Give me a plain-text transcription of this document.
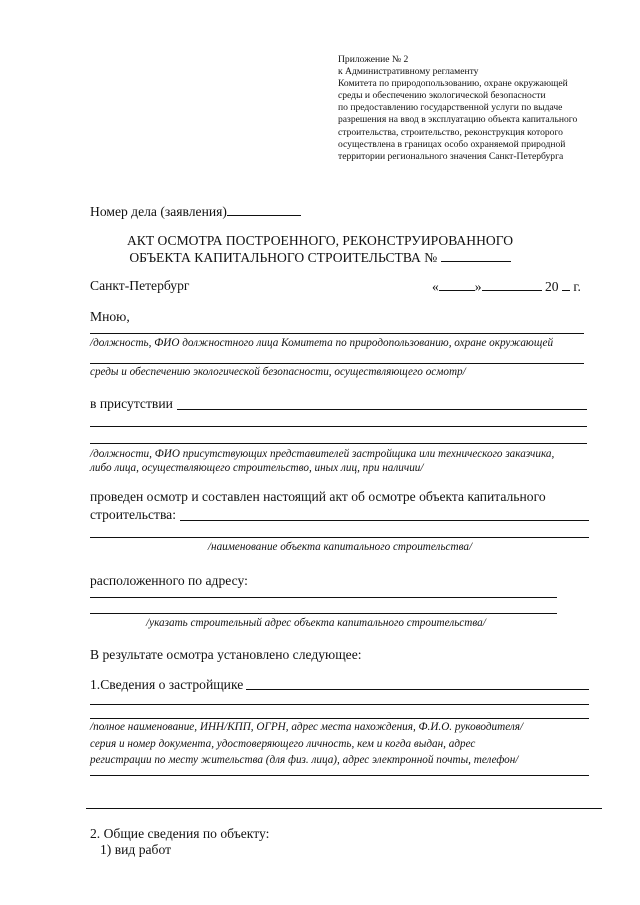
Приложение № 2
к Административному регламенту
Комитета по природопользованию, охране окружающей
среды и обеспечению экологической безопасности
по предоставлению государственной услуги по выдаче
разрешения на ввод в эксплуатацию объекта капитального
строительства, строительство, реконструкция которого
осуществлена в границах особо охраняемой природной
территории регионального значения Санкт-Петербурга
Номер дела (заявления)
АКТ ОСМОТРА ПОСТРОЕННОГО, РЕКОНСТРУИРОВАННОГО
ОБЪЕКТА КАПИТАЛЬНОГО СТРОИТЕЛЬСТВА №
Санкт-Петербург	«	»	20 г.
Мною,
/должность, ФИО должностного лица Комитета по природопользованию, охране окружающей
среды и обеспечению экологической безопасности, осуществляющего осмотр/
в присутствии
/должности, ФИО присутствующих представителей застройщика или технического заказчика,
либо лица, осуществляющего строительство, иных лиц, при наличии/
проведен осмотр и составлен настоящий акт об осмотре объекта капитального
строительства:
/наименование объекта капитального строительства/
расположенного по адресу:
/указать строительный адрес объекта капитального строительства/
В результате осмотра установлено следующее:
1.Сведения о застройщике
/полное наименование, ИНН/КПП, ОГРН, адрес места нахождения, Ф.И.О. руководителя/
серия и номер документа, удостоверяющего личность, кем и когда выдан, адрес
регистрации по месту жительства (для физ. лица), адрес электронной почты, телефон/
2. Общие сведения по объекту:
1) вид работ
